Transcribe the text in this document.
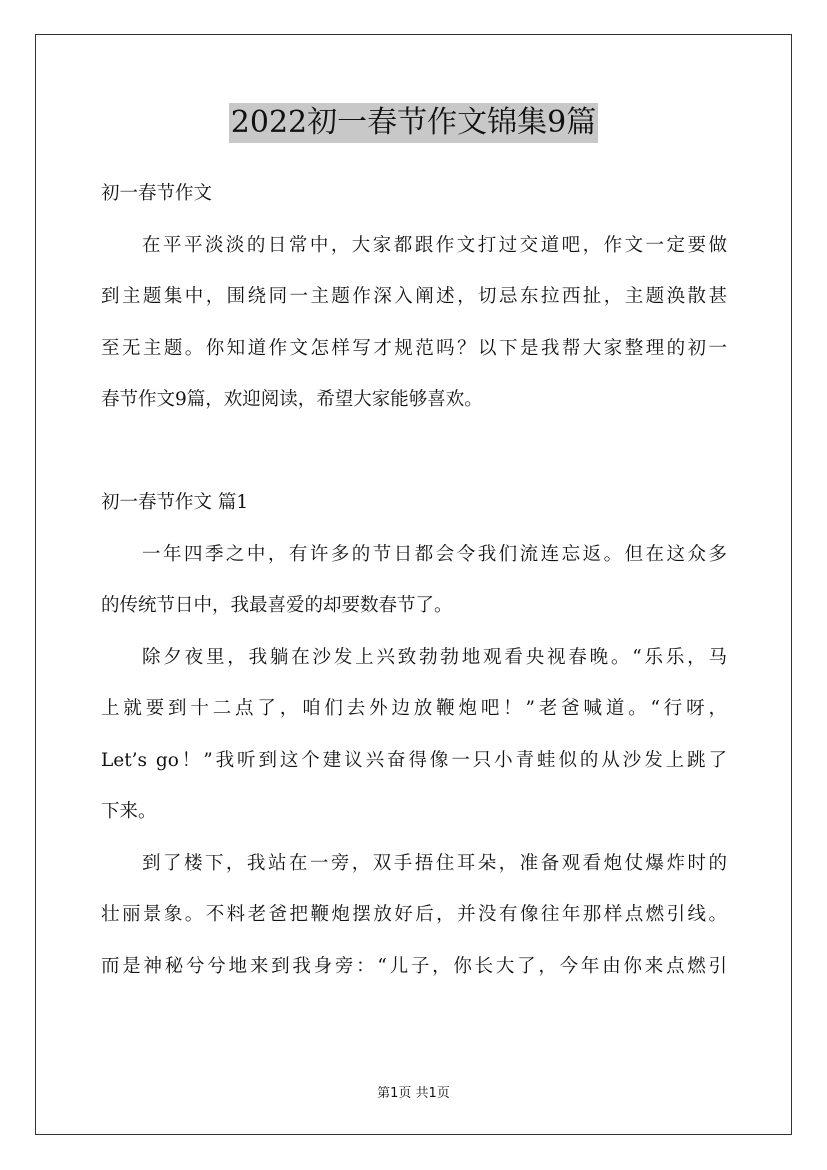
2022初一春节作文锦集9篇
初一春节作文
在平平淡淡的日常中，大家都跟作文打过交道吧，作文一定要做
到主题集中，围绕同一主题作深入阐述，切忌东拉西扯，主题涣散甚
至无主题。你知道作文怎样写才规范吗？以下是我帮大家整理的初一
春节作文9篇，欢迎阅读，希望大家能够喜欢。
初一春节作文 篇1
一年四季之中，有许多的节日都会令我们流连忘返。但在这众多
的传统节日中，我最喜爱的却要数春节了。
除夕夜里，我躺在沙发上兴致勃勃地观看央视春晚。“乐乐，马
上就要到十二点了，咱们去外边放鞭炮吧！”老爸喊道。“行呀，
Let’s go！”我听到这个建议兴奋得像一只小青蛙似的从沙发上跳了
下来。
到了楼下，我站在一旁，双手捂住耳朵，准备观看炮仗爆炸时的
壮丽景象。不料老爸把鞭炮摆放好后，并没有像往年那样点燃引线。
而是神秘兮兮地来到我身旁：“儿子，你长大了，今年由你来点燃引
第1页 共1页
